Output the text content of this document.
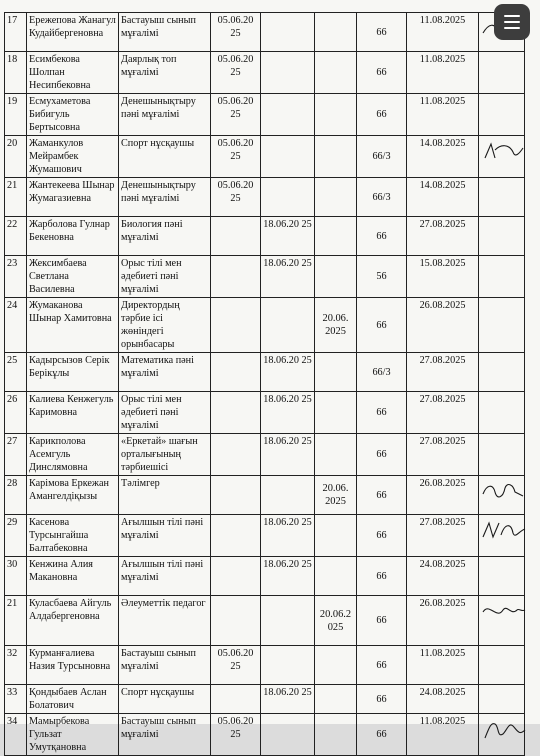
17	Ережепова Жанагул Кудайбергеновна	Бастауыш сынып мұғалімі	05.06.20 25			66	11.08.2025	

18	Есимбекова Шолпан Несипбековна	Даярлық топ мұғалімі	05.06.20 25			66	11.08.2025	
19	Есмухаметова Бибигуль Бертысовна	Денешынықтыру пәні мұғалімі	05.06.20 25			66	11.08.2025	
20	Жаманкулов Мейрамбек Жумашович	Спорт нұсқаушы	05.06.20 25			66/3	14.08.2025	

21	Жантекеева Шынар Жумагазиевна	Денешынықтыру пәні мұғалімі	05.06.20 25			66/3	14.08.2025	
22	Жарболова Гулнар Бекеновна	Биология пәні мұғалімі		18.06.20 25		66	27.08.2025	
23	Жексимбаева Светлана Василевна	Орыс тілі мен әдебиеті пәні мұғалімі		18.06.20 25		56	15.08.2025	
24	Жумаканова Шынар Хамитовна	Директордың тәрбие ісі жөніндегі орынбасары			20.06. 2025	66	26.08.2025	
25	Кадырсызов Серік Берікұлы	Математика пәні мұғалімі		18.06.20 25		66/3	27.08.2025	
26	Калиева Кенжегуль Каримовна	Орыс тілі мен әдебиеті пәні мұғалімі		18.06.20 25		66	27.08.2025	
27	Карикполова Асемгуль Динслямовна	«Еркетай» шағын орталығының тәрбиешісі		18.06.20 25		66	27.08.2025	
28	Карімова Еркежан Амангелдіқызы	Тәлімгер			20.06. 2025	66	26.08.2025	

29	Касенова Турсынгайша Балтабековна	Ағылшын тілі пәні мұғалімі		18.06.20 25		66	27.08.2025	

30	Кенжина Алия Макановна	Ағылшын тілі пәні мұғалімі		18.06.20 25		66	24.08.2025	
21	Куласбаева Айгуль Алдабергеновна	Әлеуметтік педагог			20.06.2 025	66	26.08.2025	

32	Курманғалиева Назия Турсыновна	Бастауыш сынып мұғалімі	05.06.20 25			66	11.08.2025	
33	Қондыбаев Аслан Болатович	Спорт нұсқаушы		18.06.20 25		66	24.08.2025	
34	Мамырбекова Гульзат Умутқановна	Бастауыш сынып мұғалімі	05.06.20 25			66	11.08.2025	
